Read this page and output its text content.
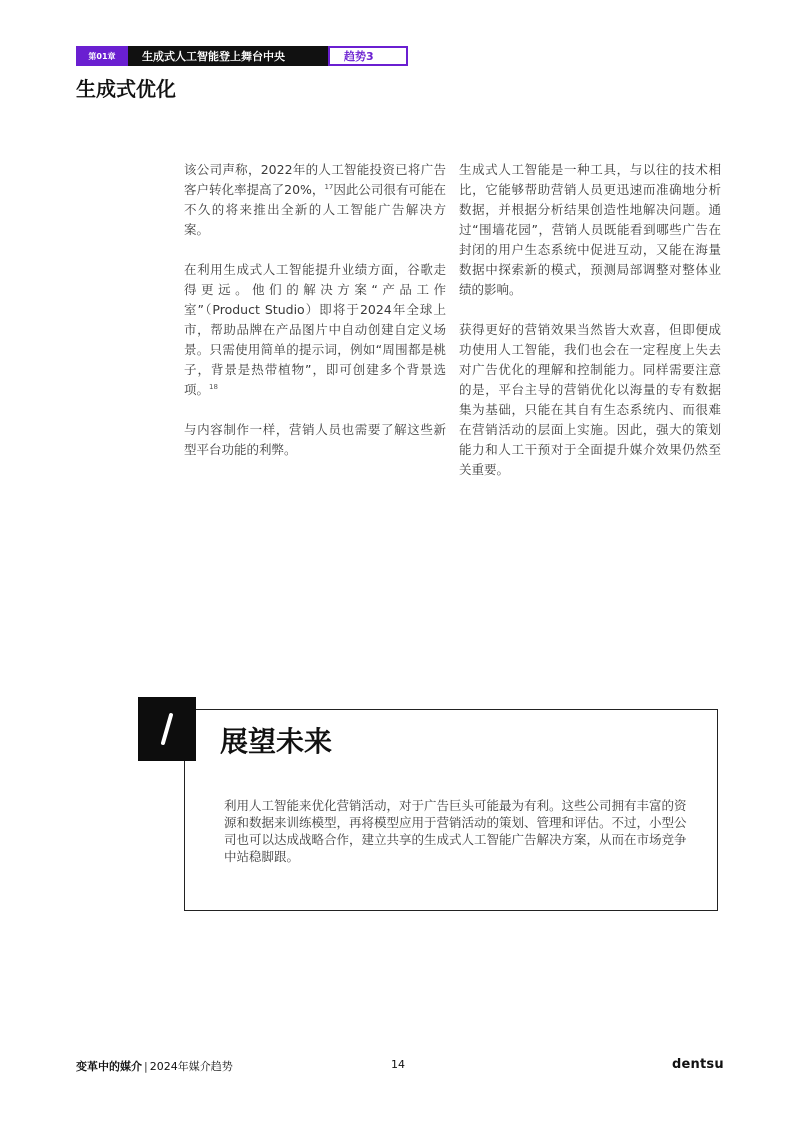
第01章	生成式人工智能登上舞台中央	趋势3
生成式优化

该公司声称，2022年的人工智能投资已将广告客户转化率提高了20%，$^{17}$因此公司很有可能在不久的将来推出全新的人工智能广告解决方案。

在利用生成式人工智能提升业绩方面，谷歌走得更远。他们的解决方案“产品工作室”（Product Studio）即将于2024年全球上市，帮助品牌在产品图片中自动创建自定义场景。只需使用简单的提示词，例如“周围都是桃子，背景是热带植物”，即可创建多个背景选项。$^{18}$

与内容制作一样，营销人员也需要了解这些新型平台功能的利弊。

生成式人工智能是一种工具，与以往的技术相比，它能够帮助营销人员更迅速而准确地分析数据，并根据分析结果创造性地解决问题。通过“围墙花园”，营销人员既能看到哪些广告在封闭的用户生态系统中促进互动，又能在海量数据中探索新的模式，预测局部调整对整体业绩的影响。

获得更好的营销效果当然皆大欢喜，但即便成功使用人工智能，我们也会在一定程度上失去对广告优化的理解和控制能力。同样需要注意的是，平台主导的营销优化以海量的专有数据集为基础，只能在其自有生态系统内、而很难在营销活动的层面上实施。因此，强大的策划能力和人工干预对于全面提升媒介效果仍然至关重要。

展望未来

利用人工智能来优化营销活动，对于广告巨头可能最为有利。这些公司拥有丰富的资源和数据来训练模型，再将模型应用于营销活动的策划、管理和评估。不过，小型公司也可以达成战略合作，建立共享的生成式人工智能广告解决方案，从而在市场竞争中站稳脚跟。

变革中的媒介 | 2024年媒介趋势	14	dentsu
